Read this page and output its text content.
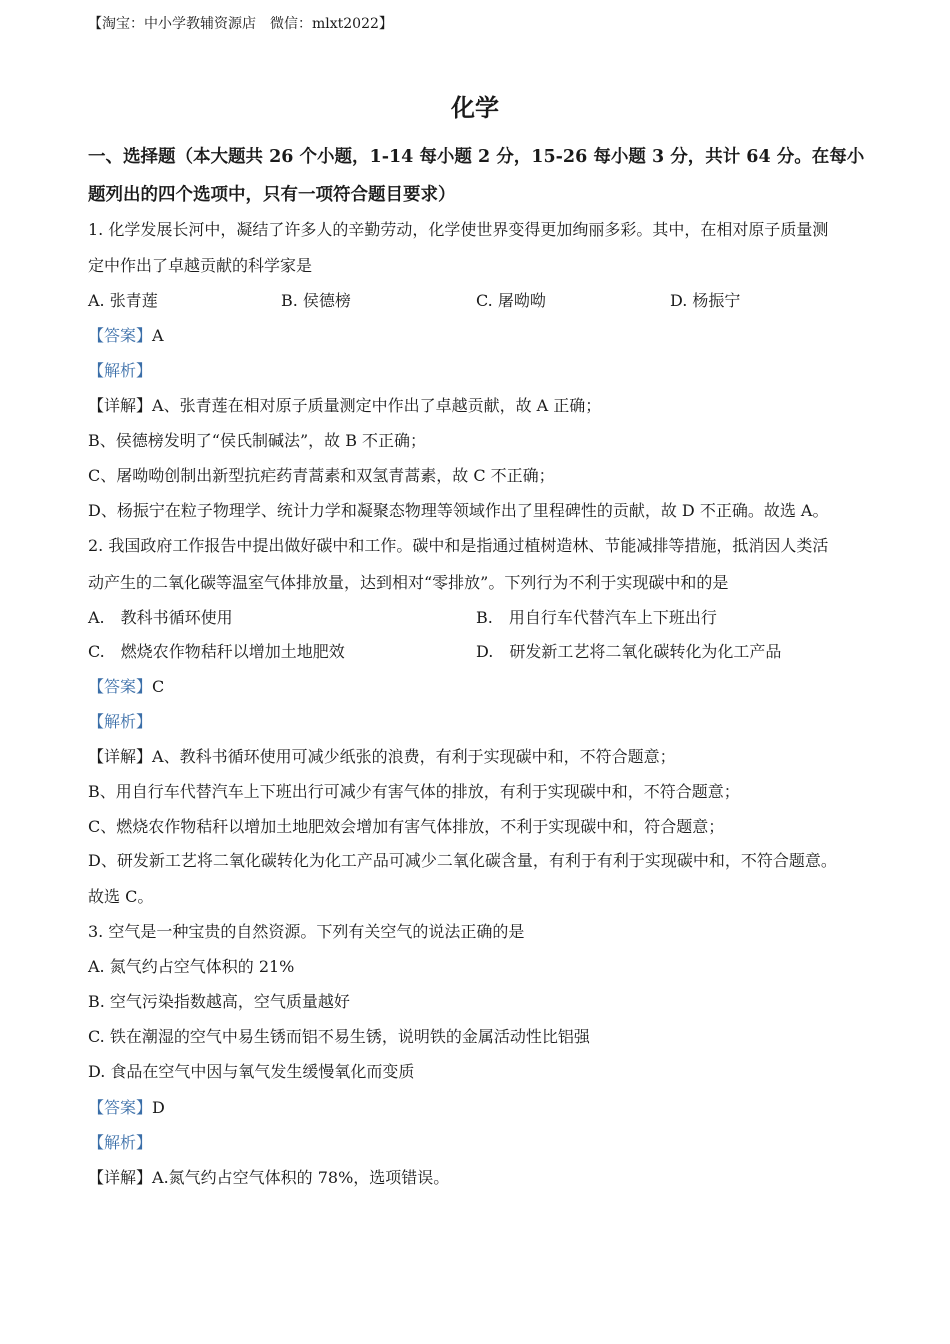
【淘宝：中小学教辅资源店　微信：mlxt2022】
化学
一、选择题（本大题共 26 个小题，1-14 每小题 2 分，15-26 每小题 3 分，共计 64 分。在每小题列出的四个选项中，只有一项符合题目要求）
1. 化学发展长河中，凝结了许多人的辛勤劳动，化学使世界变得更加绚丽多彩。其中，在相对原子质量测
定中作出了卓越贡献的科学家是
A. 张青莲	B. 侯德榜	C. 屠呦呦	D. 杨振宁
【答案】A
【解析】
【详解】A、张青莲在相对原子质量测定中作出了卓越贡献，故 A 正确；
B、侯德榜发明了“侯氏制碱法”，故 B 不正确；
C、屠呦呦创制出新型抗疟药青蒿素和双氢青蒿素，故 C 不正确；
D、杨振宁在粒子物理学、统计力学和凝聚态物理等领域作出了里程碑性的贡献，故 D 不正确。故选 A。
2. 我国政府工作报告中提出做好碳中和工作。碳中和是指通过植树造林、节能减排等措施，抵消因人类活
动产生的二氧化碳等温室气体排放量，达到相对“零排放”。下列行为不利于实现碳中和的是
A.　教科书循环使用	B.　用自行车代替汽车上下班出行
C.　燃烧农作物秸秆以增加土地肥效	D.　研发新工艺将二氧化碳转化为化工产品
【答案】C
【解析】
【详解】A、教科书循环使用可减少纸张的浪费，有利于实现碳中和，不符合题意；
B、用自行车代替汽车上下班出行可减少有害气体的排放，有利于实现碳中和，不符合题意；
C、燃烧农作物秸秆以增加土地肥效会增加有害气体排放，不利于实现碳中和，符合题意；
D、研发新工艺将二氧化碳转化为化工产品可减少二氧化碳含量，有利于有利于实现碳中和，不符合题意。
故选 C。
3. 空气是一种宝贵的自然资源。下列有关空气的说法正确的是
A. 氮气约占空气体积的 21%
B. 空气污染指数越高，空气质量越好
C. 铁在潮湿的空气中易生锈而铝不易生锈，说明铁的金属活动性比铝强
D. 食品在空气中因与氧气发生缓慢氧化而变质
【答案】D
【解析】
【详解】A.氮气约占空气体积的 78%，选项错误。
